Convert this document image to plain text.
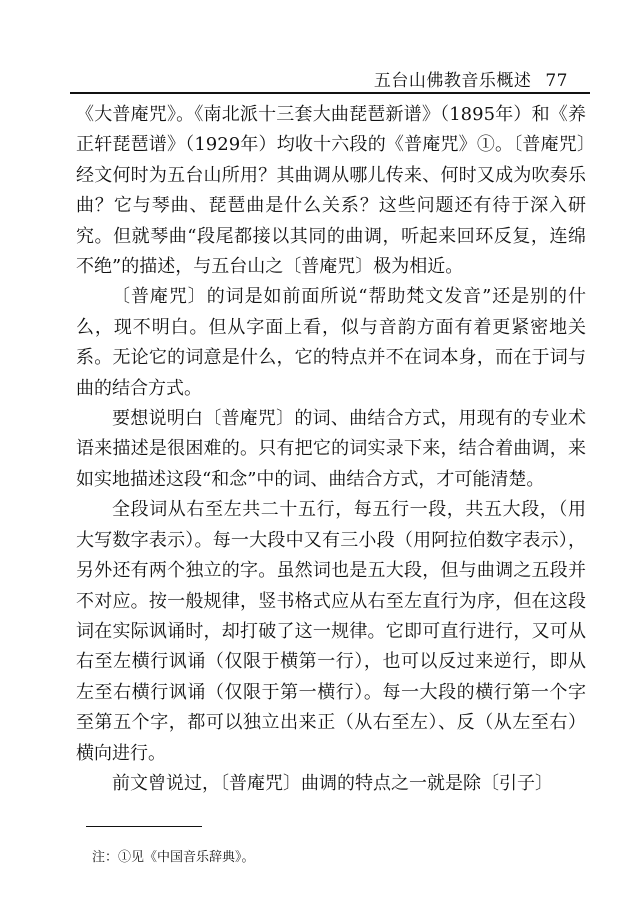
五台山佛教音乐概述 77

《大普庵咒》。《南北派十三套大曲琵琶新谱》（1895年）和《养正轩琵琶谱》（1929年）均收十六段的《普庵咒》①。〔普庵咒〕经文何时为五台山所用？其曲调从哪儿传来、何时又成为吹奏乐曲？它与琴曲、琵琶曲是什么关系？这些问题还有待于深入研究。但就琴曲“段尾都接以其同的曲调，听起来回环反复，连绵不绝”的描述，与五台山之〔普庵咒〕极为相近。

〔普庵咒〕的词是如前面所说“帮助梵文发音”还是别的什么，现不明白。但从字面上看，似与音韵方面有着更紧密地关系。无论它的词意是什么，它的特点并不在词本身，而在于词与曲的结合方式。

要想说明白〔普庵咒〕的词、曲结合方式，用现有的专业术语来描述是很困难的。只有把它的词实录下来，结合着曲调，来如实地描述这段“和念”中的词、曲结合方式，才可能清楚。

全段词从右至左共二十五行，每五行一段，共五大段，（用大写数字表示）。每一大段中又有三小段（用阿拉伯数字表示），另外还有两个独立的字。虽然词也是五大段，但与曲调之五段并不对应。按一般规律，竖书格式应从右至左直行为序，但在这段词在实际讽诵时，却打破了这一规律。它即可直行进行，又可从右至左横行讽诵（仅限于横第一行），也可以反过来逆行，即从左至右横行讽诵（仅限于第一横行）。每一大段的横行第一个字至第五个字，都可以独立出来正（从右至左）、反（从左至右）横向进行。

前文曾说过，〔普庵咒〕曲调的特点之一就是除〔引子〕

注：①见《中国音乐辞典》。
